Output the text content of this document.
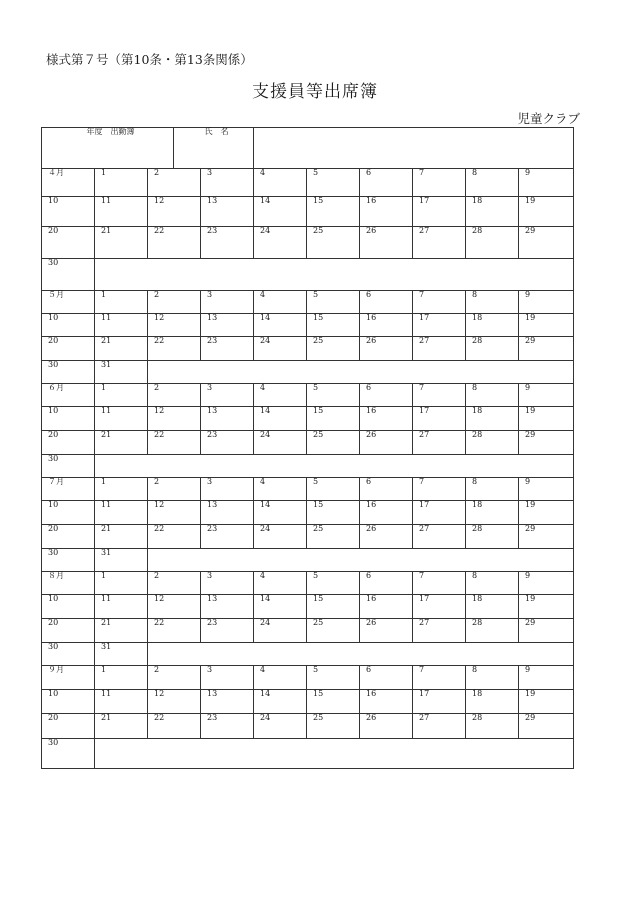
様式第７号（第10条・第13条関係）
支援員等出席簿
児童クラブ
年度　出勤簿			氏　名							
４月	1	2		3	4	5	6	7	8	9
10	11	12		13	14	15	16	17	18	19
20	21	22		23	24	25	26	27	28	29
30										
５月	1	2		3	4	5	6	7	8	9
10	11	12		13	14	15	16	17	18	19
20	21	22		23	24	25	26	27	28	29
30	31									
６月	1	2		3	4	5	6	7	8	9
10	11	12		13	14	15	16	17	18	19
20	21	22		23	24	25	26	27	28	29
30										
７月	1	2		3	4	5	6	7	8	9
10	11	12		13	14	15	16	17	18	19
20	21	22		23	24	25	26	27	28	29
30	31									
８月	1	2		3	4	5	6	7	8	9
10	11	12		13	14	15	16	17	18	19
20	21	22		23	24	25	26	27	28	29
30	31									
９月	1	2		3	4	5	6	7	8	9
10	11	12		13	14	15	16	17	18	19
20	21	22		23	24	25	26	27	28	29
30										
